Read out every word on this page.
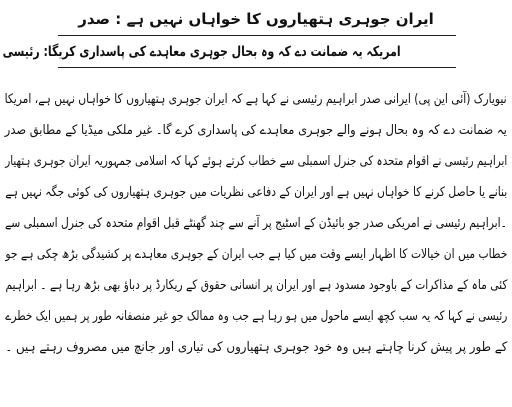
ایران جوہری ہتھیاروں کا خواہاں نہیں ہے : صدر
امریکہ یہ ضمانت دے کہ وہ بحال جوہری معاہدے کی پاسداری کریگا: رئیسی
نیویارک (آئی این پی) ایرانی صدر ابراہیم رئیسی نے کہا ہے کہ ایران جوہری ہتھیاروں کا خواہاں نہیں ہے، امریکا
یہ ضمانت دے کہ وہ بحال ہونے والے جوہری معاہدے کی پاسداری کرے گا۔ غیر ملکی میڈیا کے مطابق صدر
ابراہیم رئیسی نے اقوام متحدہ کی جنرل اسمبلی سے خطاب کرتے ہوئے کہا کہ اسلامی جمہوریہ ایران جوہری ہتھیار
بنانے یا حاصل کرنے کا خواہاں نہیں ہے اور ایران کے دفاعی نظریات میں جوہری ہتھیاروں کی کوئی جگہ نہیں ہے
۔ابراہیم رئیسی نے امریکی صدر جو بائیڈن کے اسٹیج پر آنے سے چند گھنٹے قبل اقوام متحدہ کی جنرل اسمبلی سے
خطاب میں ان خیالات کا اظہار ایسے وقت میں کیا ہے جب ایران کے جوہری معاہدے پر کشیدگی بڑھ چکی ہے جو
کئی ماہ کے مذاکرات کے باوجود مسدود ہے اور ایران پر انسانی حقوق کے ریکارڈ پر دباؤ بھی بڑھ رہا ہے ۔ ابراہیم
رئیسی نے کہا کہ یہ سب کچھ ایسے ماحول میں ہو رہا ہے جب وہ ممالک جو غیر منصفانہ طور پر ہمیں ایک خطرے
کے طور پر پیش کرنا چاہتے ہیں وہ خود جوہری ہتھیاروں کی تیاری اور جانچ میں مصروف رہتے ہیں ۔
